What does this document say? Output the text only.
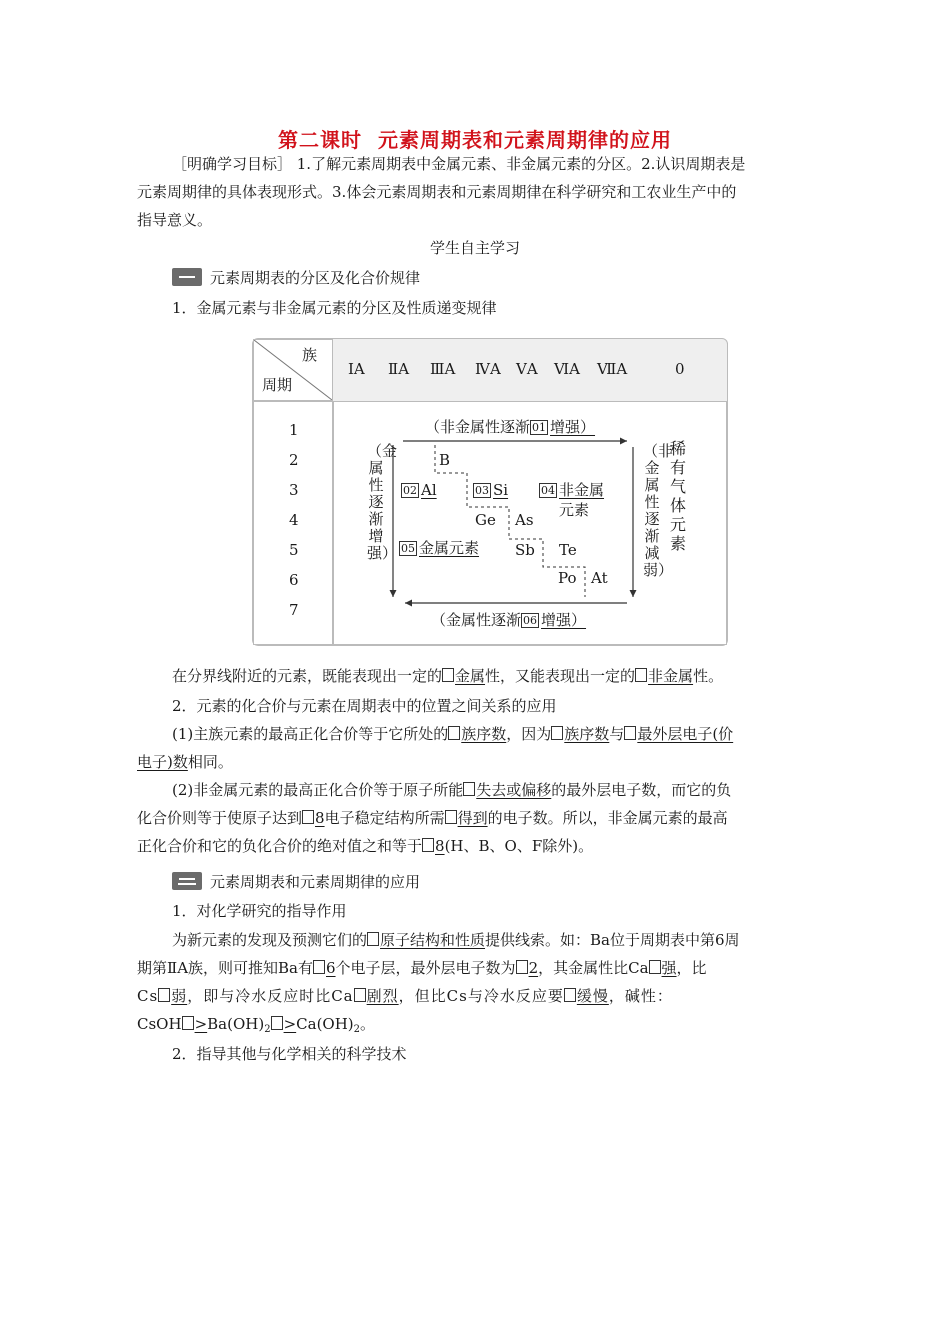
第二课时 元素周期表和元素周期律的应用
［明确学习目标］ 1.了解元素周期表中金属元素、非金属元素的分区。2.认识周期表是
元素周期律的具体表现形式。3.体会元素周期表和元素周期律在科学研究和工农业生产中的
指导意义。
学生自主学习
元素周期表的分区及化合价规律
1．金属元素与非金属元素的分区及性质递变规律
族
周期
ⅠA ⅡA ⅢA ⅣA ⅤA ⅥA ⅦA	0
1
2
3
4
5
6
7
（非金属性逐渐 01 增强）
（金属性逐渐 06 增强）
（金属性逐渐增强）
（非金属性逐渐减弱）
稀有气体元素
B
02 Al	03 Si	04 非金属
元素
Ge As
05 金属元素 Sb Te
Po At
在分界线附近的元素，既能表现出一定的 金属性，又能表现出一定的 非金属性。
2．元素的化合价与元素在周期表中的位置之间关系的应用
(1)主族元素的最高正化合价等于它所处的 族序数，因为 族序数与 最外层电子(价
电子)数相同。
(2)非金属元素的最高正化合价等于原子所能 失去或偏移的最外层电子数，而它的负
化合价则等于使原子达到 8电子稳定结构所需 得到的电子数。所以，非金属元素的最高
正化合价和它的负化合价的绝对值之和等于 8(H、B、O、F除外)。
元素周期表和元素周期律的应用
1．对化学研究的指导作用
为新元素的发现及预测它们的 原子结构和性质提供线索。如：Ba位于周期表中第6周
期第ⅡA族，则可推知Ba有 6个电子层，最外层电子数为 2，其金属性比Ca 强，比
Cs 弱，即与冷水反应时比Ca 剧烈，但比Cs与冷水反应要 缓慢，碱性：
CsOH $>Ba(OH)_2 >Ca(OH)_2$。
2．指导其他与化学相关的科学技术
